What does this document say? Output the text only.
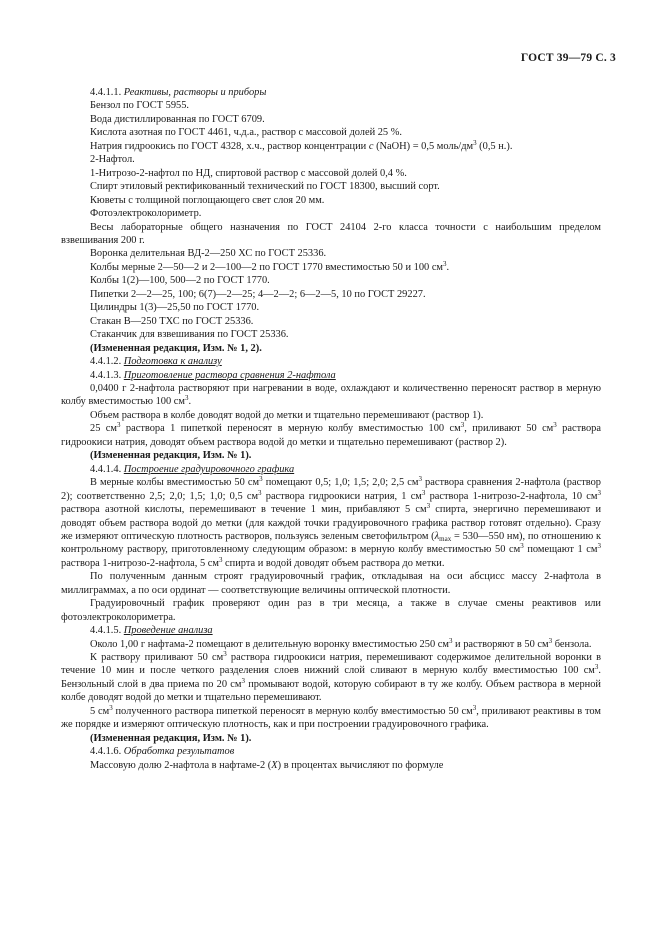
ГОСТ 39—79 С. 3

4.4.1.1. Реактивы, растворы и приборы

Бензол по ГОСТ 5955.

Вода дистиллированная по ГОСТ 6709.

Кислота азотная по ГОСТ 4461, ч.д.а., раствор с массовой долей 25 %.

Натрия гидроокись по ГОСТ 4328, х.ч., раствор концентрации с (NaOH) = 0,5 моль/$дм^3$ (0,5 н.).

2-Нафтол.

1-Нитрозо-2-нафтол по НД, спиртовой раствор с массовой долей 0,4 %.

Спирт этиловый ректификованный технический по ГОСТ 18300, высший сорт.

Кюветы с толщиной поглощающего свет слоя 20 мм.

Фотоэлектроколориметр.

Весы лабораторные общего назначения по ГОСТ 24104 2-го класса точности с наибольшим пределом взвешивания 200 г.

Воронка делительная ВД-2—250 ХС по ГОСТ 25336.

Колбы мерные 2—50—2 и 2—100—2 по ГОСТ 1770 вместимостью 50 и 100 $см^3$.

Колбы 1(2)—100, 500—2 по ГОСТ 1770.

Пипетки 2—2—25, 100; 6(7)—2—25; 4—2—2; 6—2—5, 10 по ГОСТ 29227.

Цилиндры 1(3)—25,50 по ГОСТ 1770.

Стакан В—250 ТХС по ГОСТ 25336.

Стаканчик для взвешивания по ГОСТ 25336.

(Измененная редакция, Изм. № 1, 2).

4.4.1.2. Подготовка к анализу

4.4.1.3. Приготовление раствора сравнения 2-нафтола

0,0400 г 2-нафтола растворяют при нагревании в воде, охлаждают и количественно переносят раствор в мерную колбу вместимостью 100 $см^3$.

Объем раствора в колбе доводят водой до метки и тщательно перемешивают (раствор 1).

25 $см^3$ раствора 1 пипеткой переносят в мерную колбу вместимостью 100 $см^3$, приливают 50 $см^3$ раствора гидроокиси натрия, доводят объем раствора водой до метки и тщательно перемешивают (раствор 2).

(Измененная редакция, Изм. № 1).

4.4.1.4. Построение градуировочного графика

В мерные колбы вместимостью 50 $см^3$ помещают 0,5; 1,0; 1,5; 2,0; 2,5 $см^3$ раствора сравнения 2-нафтола (раствор 2); соответственно 2,5; 2,0; 1,5; 1,0; 0,5 $см^3$ раствора гидроокиси натрия, 1 $см^3$ раствора 1-нитрозо-2-нафтола, 10 $см^3$ раствора азотной кислоты, перемешивают в течение 1 мин, прибавляют 5 $см^3$ спирта, энергично перемешивают и доводят объем раствора водой до метки (для каждой точки градуировочного графика раствор готовят отдельно). Сразу же измеряют оптическую плотность растворов, пользуясь зеленым светофильтром ($\lambda_{max}$ = 530—550 нм), по отношению к контрольному раствору, приготовленному следующим образом: в мерную колбу вместимостью 50 $см^3$ помещают 1 $см^3$ раствора 1-нитрозо-2-нафтола, 5 $см^3$ спирта и водой доводят объем раствора до метки.

По полученным данным строят градуировочный график, откладывая на оси абсцисс массу 2-нафтола в миллиграммах, а по оси ординат — соответствующие величины оптической плотности.

Градуировочный график проверяют один раз в три месяца, а также в случае смены реактивов или фотоэлектроколориметра.

4.4.1.5. Проведение анализа

Около 1,00 г нафтама-2 помещают в делительную воронку вместимостью 250 $см^3$ и растворяют в 50 $см^3$ бензола.

К раствору приливают 50 $см^3$ раствора гидроокиси натрия, перемешивают содержимое делительной воронки в течение 10 мин и после четкого разделения слоев нижний слой сливают в мерную колбу вместимостью 100 $см^3$. Бензольный слой в два приема по 20 $см^3$ промывают водой, которую собирают в ту же колбу. Объем раствора в мерной колбе доводят водой до метки и тщательно перемешивают.

5 $см^3$ полученного раствора пипеткой переносят в мерную колбу вместимостью 50 $см^3$, приливают реактивы в том же порядке и измеряют оптическую плотность, как и при построении градуировочного графика.

(Измененная редакция, Изм. № 1).

4.4.1.6. Обработка результатов

Массовую долю 2-нафтола в нафтаме-2 (X) в процентах вычисляют по формуле
